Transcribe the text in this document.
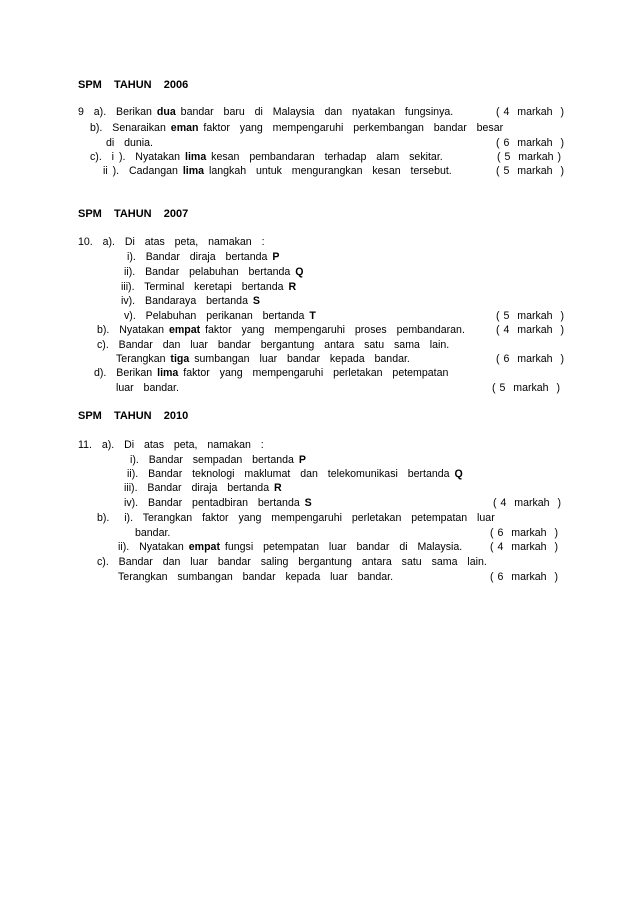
SPM  TAHUN  2006
9  a).  Berikan dua bandar  baru  di  Malaysia  dan  nyatakan  fungsinya.	( 4  markah  )
b).  Senaraikan eman faktor  yang  mempengaruhi  perkembangan  bandar  besar
di  dunia.	( 6  markah  )
c).  i ).  Nyatakan lima kesan  pembandaran  terhadap  alam  sekitar.	( 5  markah )
ii ).  Cadangan lima langkah  untuk  mengurangkan  kesan  tersebut.	( 5  markah  )
SPM  TAHUN  2007
10.  a).  Di  atas  peta,  namakan  :
i).  Bandar  diraja  bertanda P
ii).  Bandar  pelabuhan  bertanda Q
iii).  Terminal  keretapi  bertanda R
iv).  Bandaraya  bertanda S
v).  Pelabuhan  perikanan  bertanda T	( 5  markah  )
b).  Nyatakan empat faktor  yang  mempengaruhi  proses  pembandaran.	( 4  markah  )
c).  Bandar  dan  luar  bandar  bergantung  antara  satu  sama  lain.
Terangkan tiga sumbangan  luar  bandar  kepada  bandar.	( 6  markah  )
d).  Berikan lima faktor  yang  mempengaruhi  perletakan  petempatan
luar  bandar.	( 5  markah  )
SPM  TAHUN  2010
11.  a).  Di  atas  peta,  namakan  :
i).  Bandar  sempadan  bertanda P
ii).  Bandar  teknologi  maklumat  dan  telekomunikasi  bertanda Q
iii).  Bandar  diraja  bertanda R
iv).  Bandar  pentadbiran  bertanda S	( 4  markah  )
b).   i).  Terangkan  faktor  yang  mempengaruhi  perletakan  petempatan  luar
bandar.	( 6  markah  )
ii).  Nyatakan empat fungsi  petempatan  luar  bandar  di  Malaysia.	( 4  markah  )
c).  Bandar  dan  luar  bandar  saling  bergantung  antara  satu  sama  lain.
Terangkan  sumbangan  bandar  kepada  luar  bandar.	( 6  markah  )
